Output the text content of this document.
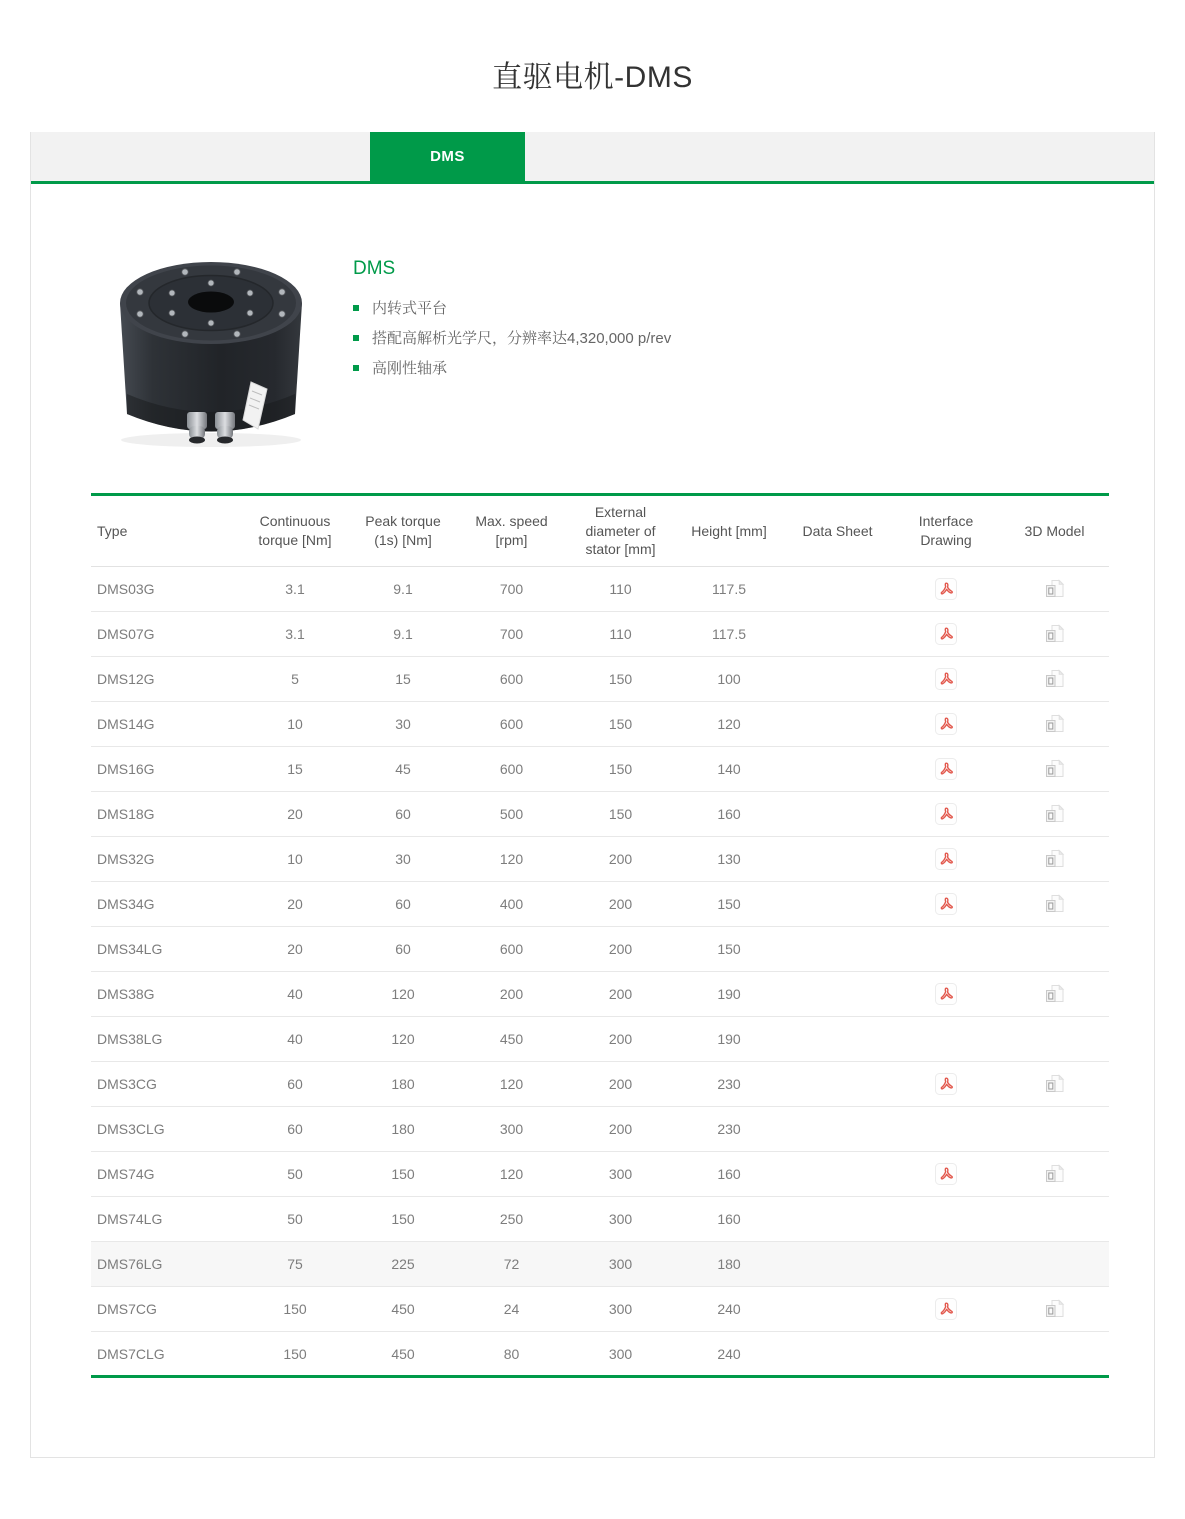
直驱电机-DMS
DMS
DMS
内转式平台
搭配高解析光学尺，分辨率达4,320,000 p/rev
高刚性轴承
Type	Continuous torque [Nm]	Peak torque (1s) [Nm]	Max. speed [rpm]	External diameter of stator [mm]	Height [mm]	Data Sheet	Interface Drawing	3D Model
DMS03G	3.1	9.1	700	110	117.5		

DMS07G	3.1	9.1	700	110	117.5		

DMS12G	5	15	600	150	100		

DMS14G	10	30	600	150	120		

DMS16G	15	45	600	150	140		

DMS18G	20	60	500	150	160		

DMS32G	10	30	120	200	130		

DMS34G	20	60	400	200	150		

DMS34LG	20	60	600	200	150			
DMS38G	40	120	200	200	190		

DMS38LG	40	120	450	200	190			
DMS3CG	60	180	120	200	230		

DMS3CLG	60	180	300	200	230			
DMS74G	50	150	120	300	160		

DMS74LG	50	150	250	300	160			
DMS76LG	75	225	72	300	180			
DMS7CG	150	450	24	300	240		

DMS7CLG	150	450	80	300	240			
